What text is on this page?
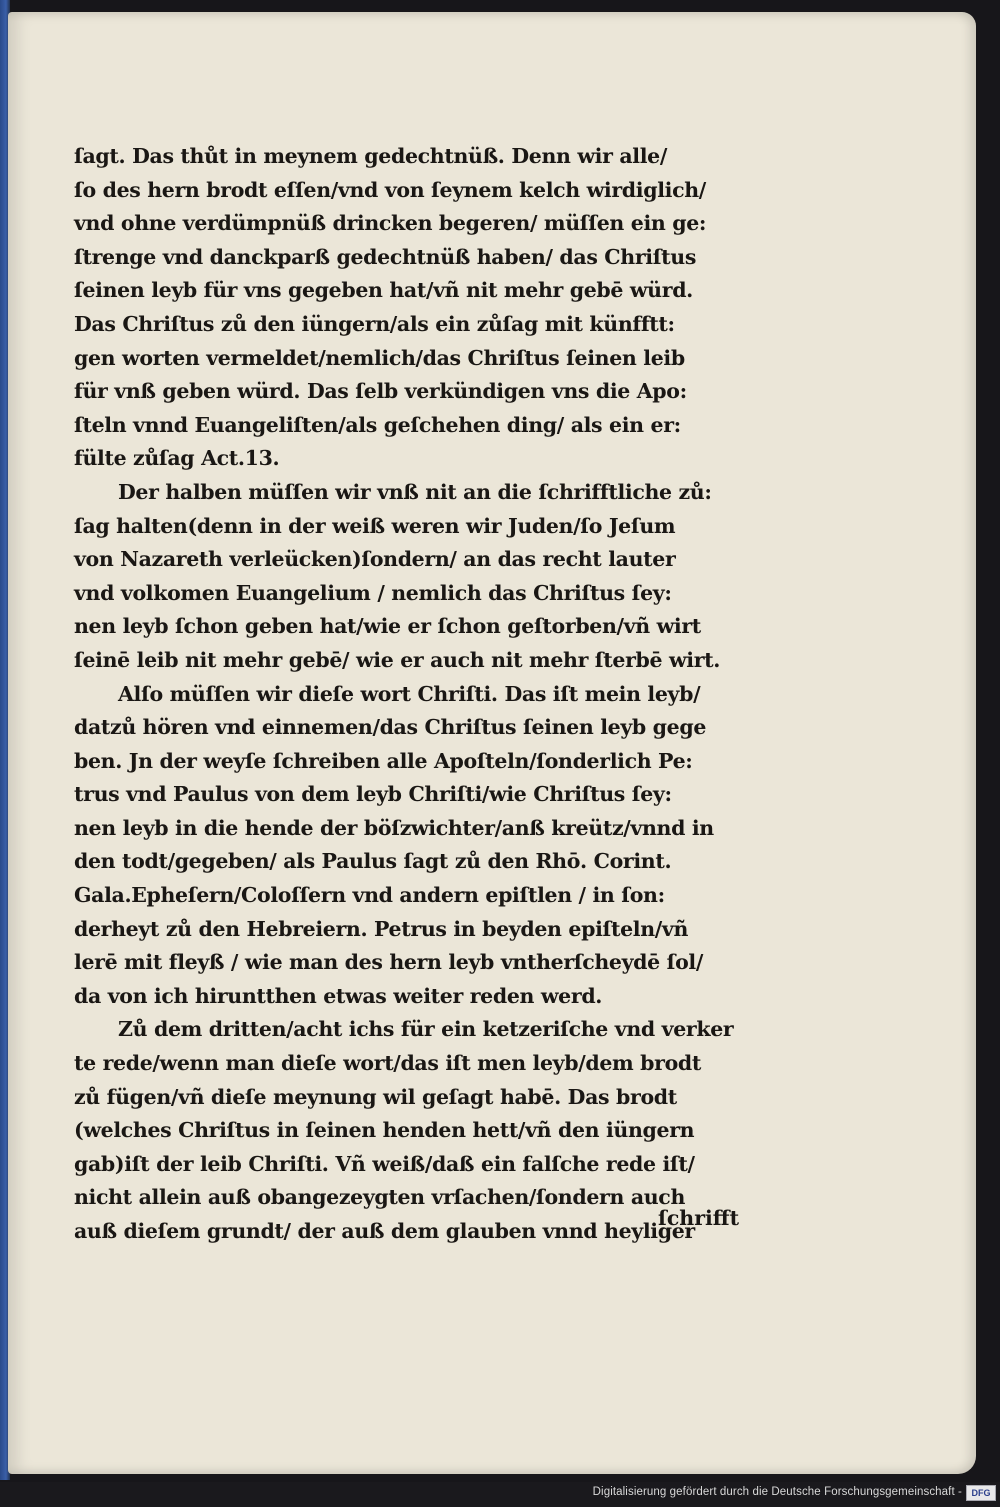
ſagt. Das thůt in meynem gedechtnüß. Denn wir alle/
ſo des hern brodt eſſen/vnd von ſeynem kelch wirdiglich/
vnd ohne verdümpnüß drincken begeren/ müſſen ein ge:
ſtrenge vnd danckparß gedechtnüß haben/ das Chriſtus
ſeinen leyb für vns gegeben hat/vñ nit mehr gebē würd.
Das Chriſtus zů den iüngern/als ein zůſag mit künfftt:
gen worten vermeldet/nemlich/das Chriſtus ſeinen leib
für vnß geben würd. Das ſelb verkündigen vns die Apo:
ſteln vnnd Euangeliſten/als geſchehen ding/ als ein er:
fülte zůſag Act.13.
Der halben müſſen wir vnß nit an die ſchrifftliche zů:
ſag halten(denn in der weiß weren wir Juden/ſo Jeſum
von Nazareth verleücken)ſondern/ an das recht lauter
vnd volkomen Euangelium / nemlich das Chriſtus ſey:
nen leyb ſchon geben hat/wie er ſchon geſtorben/vñ wirt
ſeinē leib nit mehr gebē/ wie er auch nit mehr ſterbē wirt.
Alſo müſſen wir dieſe wort Chriſti. Das iſt mein leyb/
datzů hören vnd einnemen/das Chriſtus ſeinen leyb gege
ben. Jn der weyſe ſchreiben alle Apoſteln/ſonderlich Pe:
trus vnd Paulus von dem leyb Chriſti/wie Chriſtus ſey:
nen leyb in die hende der böſzwichter/anß kreütz/vnnd in
den todt/gegeben/ als Paulus ſagt zů den Rhō. Corint.
Gala.Epheſern/Coloſſern vnd andern epiſtlen / in ſon:
derheyt zů den Hebreiern. Petrus in beyden epiſteln/vñ
lerē mit fleyß / wie man des hern leyb vntherſcheydē ſol/
da von ich hiruntthen etwas weiter reden werd.
Zů dem dritten/acht ichs für ein ketzeriſche vnd verker
te rede/wenn man dieſe wort/das iſt men leyb/dem brodt
zů fügen/vñ dieſe meynung wil geſagt habē. Das brodt
(welches Chriſtus in ſeinen henden hett/vñ den iüngern
gab)iſt der leib Chriſti. Vñ weiß/daß ein falſche rede iſt/
nicht allein auß obangezeygten vrſachen/ſondern auch
auß dieſem grundt/ der auß dem glauben vnnd heyliger
ſchrifft
Digitalisierung gefördert durch die Deutsche Forschungsgemeinschaft -	DFG
